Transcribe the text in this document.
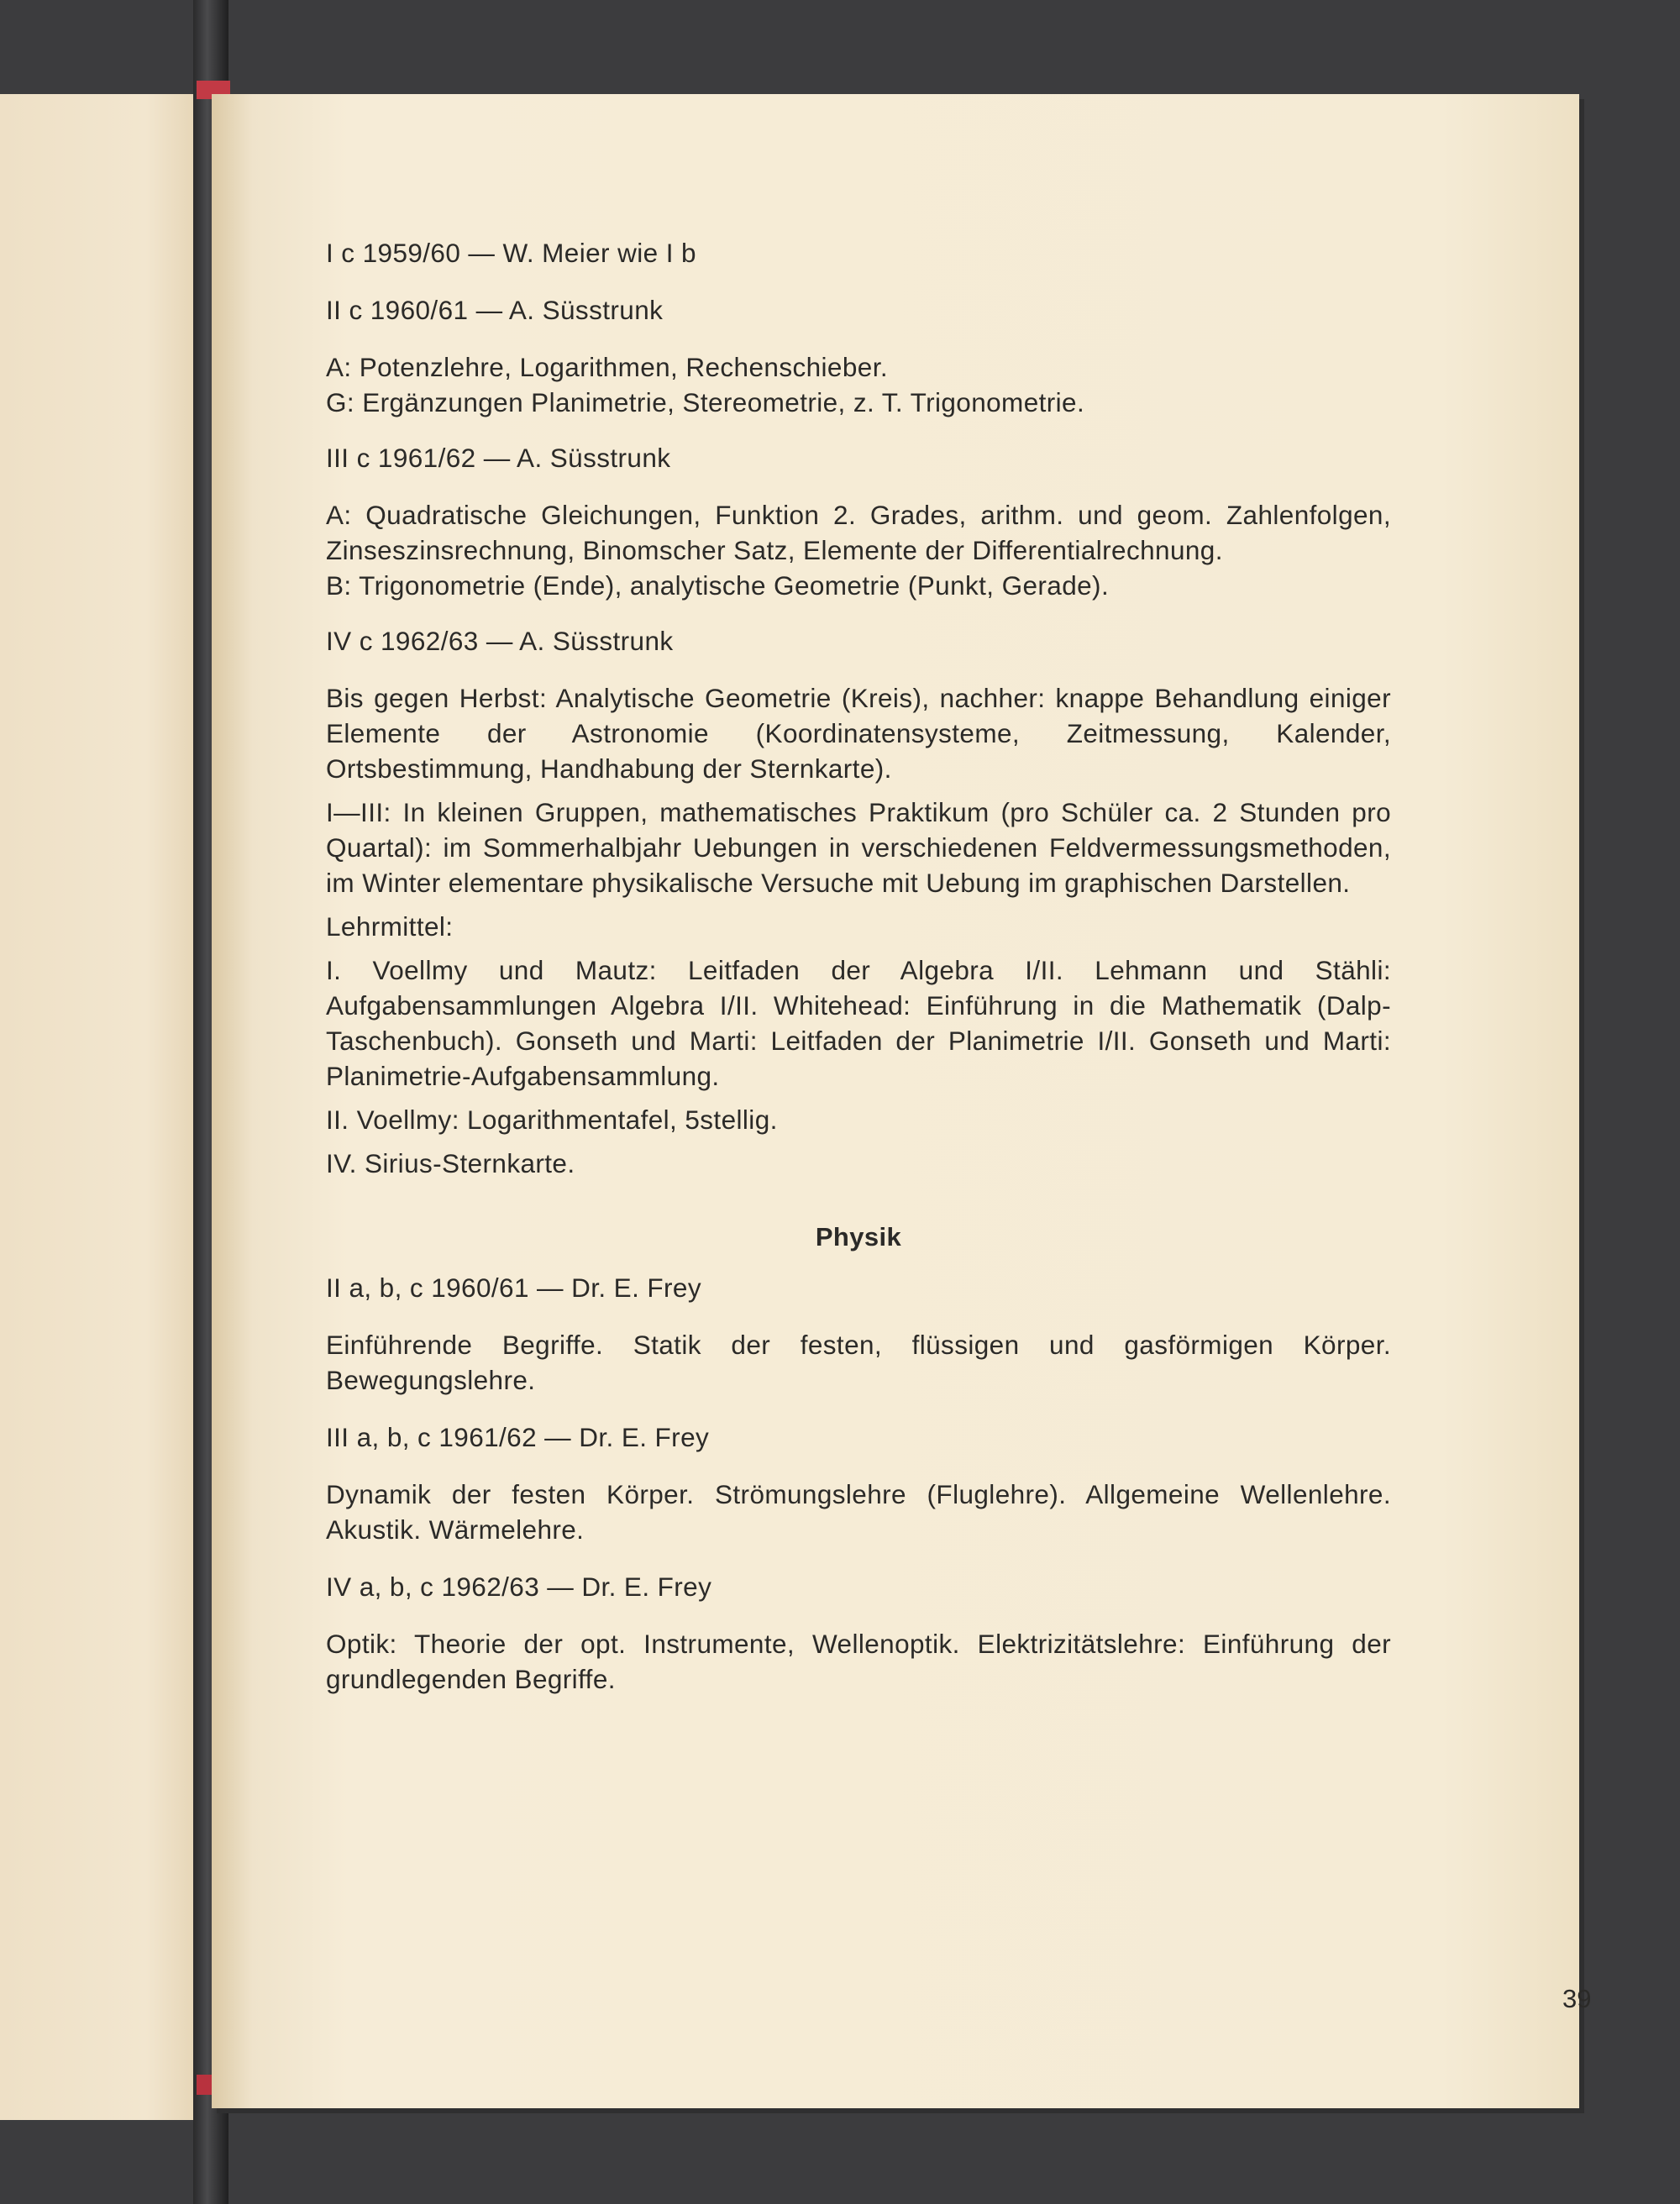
I c 1959/60 — W. Meier wie I b
II c 1960/61 — A. Süsstrunk
A: Potenzlehre, Logarithmen, Rechenschieber.
G: Ergänzungen Planimetrie, Stereometrie, z. T. Trigonometrie.
III c 1961/62 — A. Süsstrunk
A: Quadratische Gleichungen, Funktion 2. Grades, arithm. und geom. Zahlenfolgen, Zinseszinsrechnung, Binomscher Satz, Elemente der Differentialrechnung.
B: Trigonometrie (Ende), analytische Geometrie (Punkt, Gerade).
IV c 1962/63 — A. Süsstrunk
Bis gegen Herbst: Analytische Geometrie (Kreis), nachher: knappe Behandlung einiger Elemente der Astronomie (Koordinatensysteme, Zeitmessung, Kalender, Ortsbestimmung, Handhabung der Sternkarte).
I—III: In kleinen Gruppen, mathematisches Praktikum (pro Schüler ca. 2 Stunden pro Quartal): im Sommerhalbjahr Uebungen in verschiedenen Feldvermessungsmethoden, im Winter elementare physikalische Versuche mit Uebung im graphischen Darstellen.
Lehrmittel:
I. Voellmy und Mautz: Leitfaden der Algebra I/II. Lehmann und Stähli: Aufgabensammlungen Algebra I/II. Whitehead: Einführung in die Mathematik (Dalp-Taschenbuch). Gonseth und Marti: Leitfaden der Planimetrie I/II. Gonseth und Marti: Planimetrie-Aufgabensammlung.
II. Voellmy: Logarithmentafel, 5stellig.
IV. Sirius-Sternkarte.
Physik
II a, b, c 1960/61 — Dr. E. Frey
Einführende Begriffe. Statik der festen, flüssigen und gasförmigen Körper. Bewegungslehre.
III a, b, c 1961/62 — Dr. E. Frey
Dynamik der festen Körper. Strömungslehre (Fluglehre). Allgemeine Wellenlehre. Akustik. Wärmelehre.
IV a, b, c 1962/63 — Dr. E. Frey
Optik: Theorie der opt. Instrumente, Wellenoptik. Elektrizitätslehre: Einführung der grundlegenden Begriffe.
39
